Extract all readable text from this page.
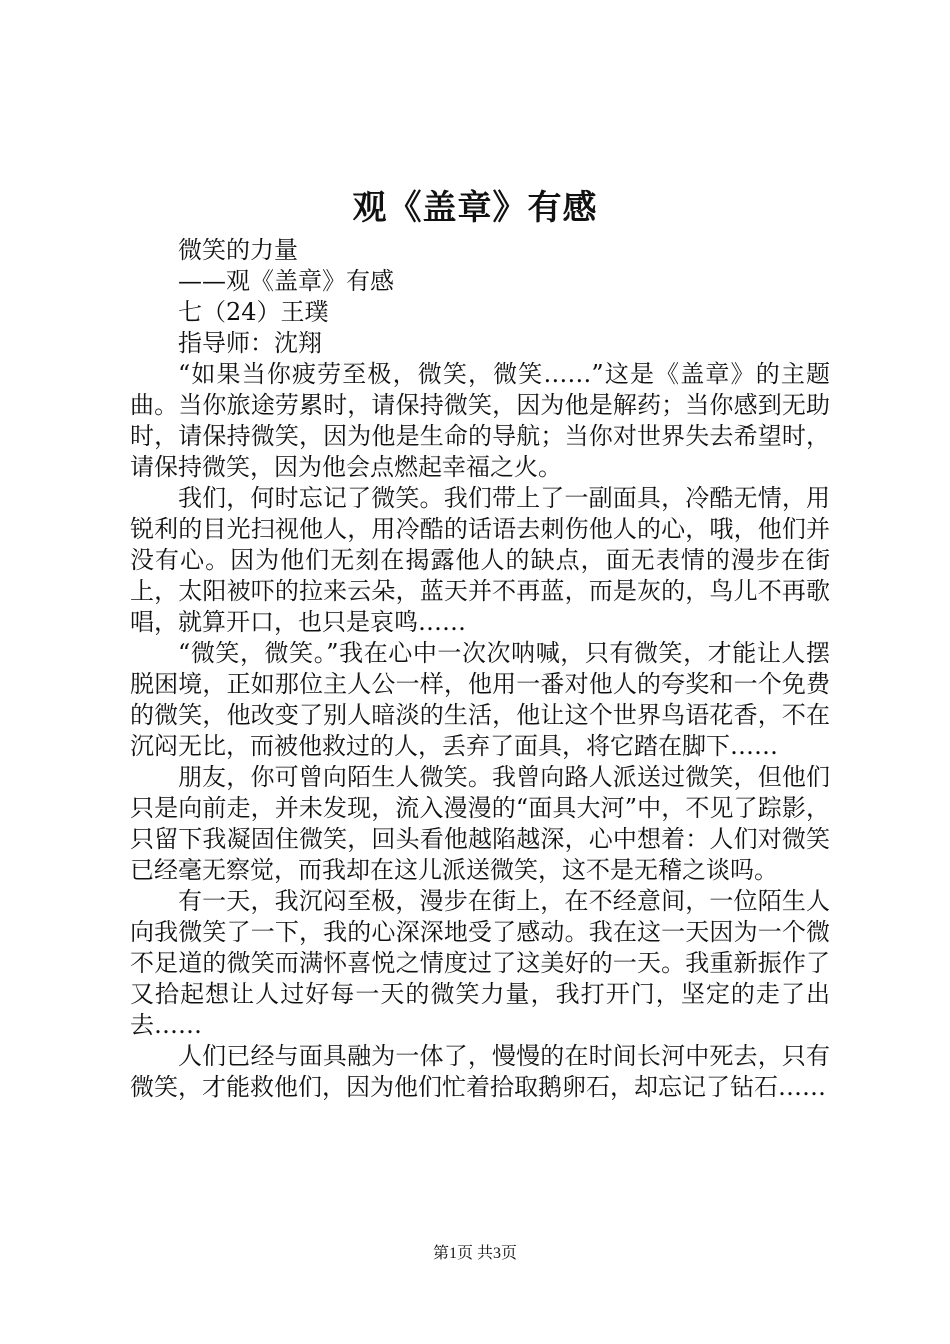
观《盖章》有感

微笑的力量

——观《盖章》有感

七（24）王璞

指导师：沈翔

“如果当你疲劳至极，微笑，微笑……”这是《盖章》的主题曲。当你旅途劳累时，请保持微笑，因为他是解药；当你感到无助时，请保持微笑，因为他是生命的导航；当你对世界失去希望时，请保持微笑，因为他会点燃起幸福之火。

我们，何时忘记了微笑。我们带上了一副面具，冷酷无情，用锐利的目光扫视他人，用冷酷的话语去刺伤他人的心，哦，他们并没有心。因为他们无刻在揭露他人的缺点，面无表情的漫步在街上，太阳被吓的拉来云朵，蓝天并不再蓝，而是灰的，鸟儿不再歌唱，就算开口，也只是哀鸣……

“微笑，微笑。”我在心中一次次呐喊，只有微笑，才能让人摆脱困境，正如那位主人公一样，他用一番对他人的夸奖和一个免费的微笑，他改变了别人暗淡的生活，他让这个世界鸟语花香，不在沉闷无比，而被他救过的人，丢弃了面具，将它踏在脚下……

朋友，你可曾向陌生人微笑。我曾向路人派送过微笑，但他们只是向前走，并未发现，流入漫漫的“面具大河”中，不见了踪影，只留下我凝固住微笑，回头看他越陷越深，心中想着：人们对微笑已经毫无察觉，而我却在这儿派送微笑，这不是无稽之谈吗。

有一天，我沉闷至极，漫步在街上，在不经意间，一位陌生人向我微笑了一下，我的心深深地受了感动。我在这一天因为一个微不足道的微笑而满怀喜悦之情度过了这美好的一天。我重新振作了又拾起想让人过好每一天的微笑力量，我打开门，坚定的走了出去……

人们已经与面具融为一体了，慢慢的在时间长河中死去，只有微笑，才能救他们，因为他们忙着拾取鹅卵石，却忘记了钻石……

第1页 共3页
